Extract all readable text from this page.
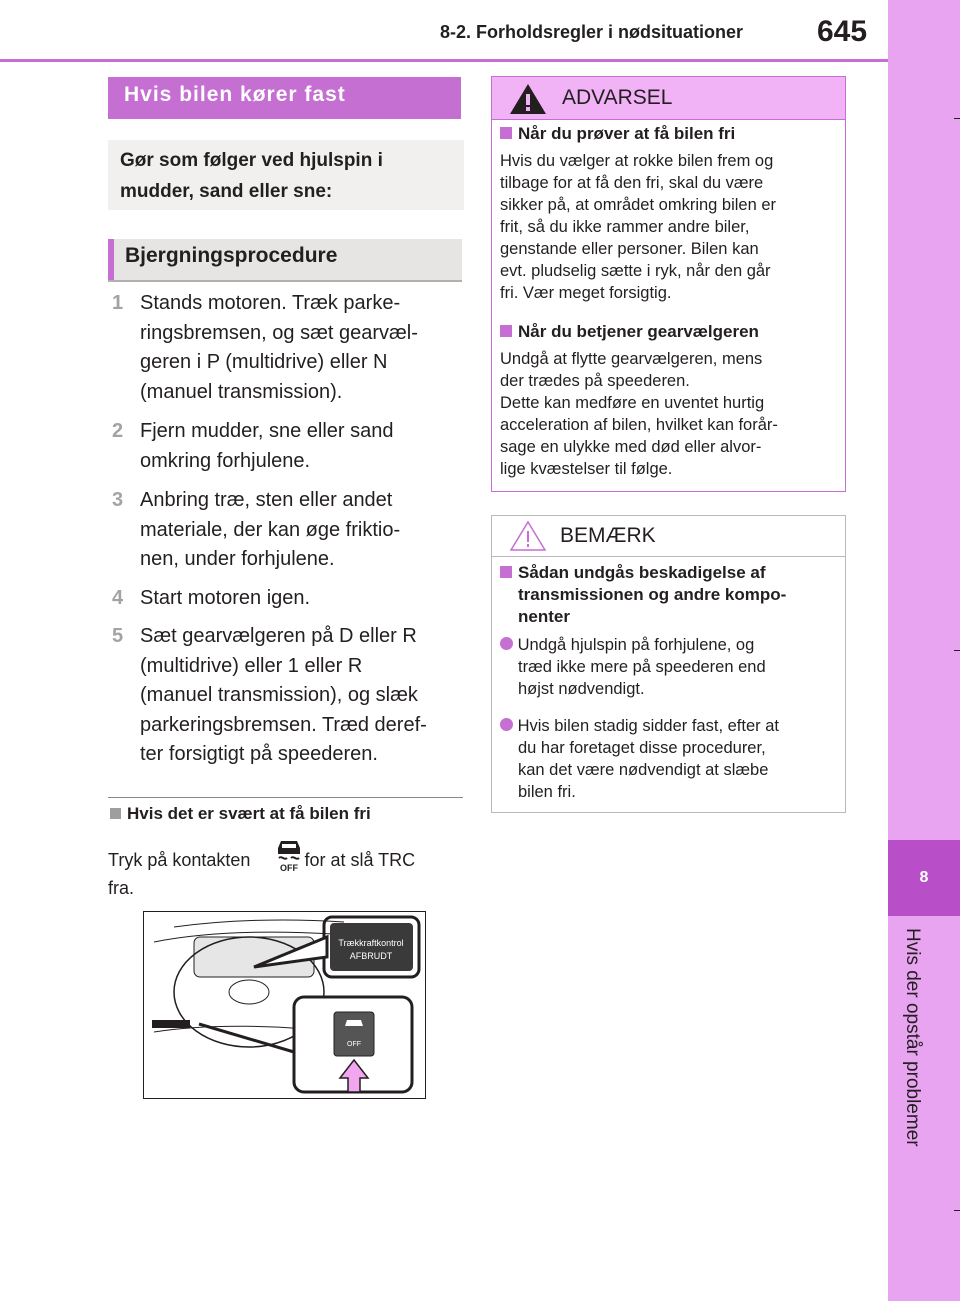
8-2. Forholdsregler i nødsituationer 645
8
Hvis der opstår problemer
Hvis bilen kører fast
Gør som følger ved hjulspin i mudder, sand eller sne:
Bjergningsprocedure
1 Stands motoren. Træk parke-
ringsbremsen, og sæt gearvæl-
geren i P (multidrive) eller N
(manuel transmission).
2 Fjern mudder, sne eller sand
omkring forhjulene.
3 Anbring træ, sten eller andet
materiale, der kan øge friktio-
nen, under forhjulene.
4 Start motoren igen.
5 Sæt gearvælgeren på D eller R
(multidrive) eller 1 eller R
(manuel transmission), og slæk
parkeringsbremsen. Træd deref-
ter forsigtigt på speederen.
Hvis det er svært at få bilen fri
Tryk på kontakten	for at slå TRC
fra.
OFF
Trækkraftkontrol
AFBRUDT
OFF
ADVARSEL
Når du prøver at få bilen fri
Hvis du vælger at rokke bilen frem og
tilbage for at få den fri, skal du være
sikker på, at området omkring bilen er
frit, så du ikke rammer andre biler,
genstande eller personer. Bilen kan
evt. pludselig sætte i ryk, når den går
fri. Vær meget forsigtig.
Når du betjener gearvælgeren
Undgå at flytte gearvælgeren, mens
der trædes på speederen.
Dette kan medføre en uventet hurtig
acceleration af bilen, hvilket kan forår-
sage en ulykke med død eller alvor-
lige kvæstelser til følge.
BEMÆRK
Sådan undgås beskadigelse af
transmissionen og andre kompo-
nenter
Undgå hjulspin på forhjulene, og
træd ikke mere på speederen end
højst nødvendigt.
Hvis bilen stadig sidder fast, efter at
du har foretaget disse procedurer,
kan det være nødvendigt at slæbe
bilen fri.
